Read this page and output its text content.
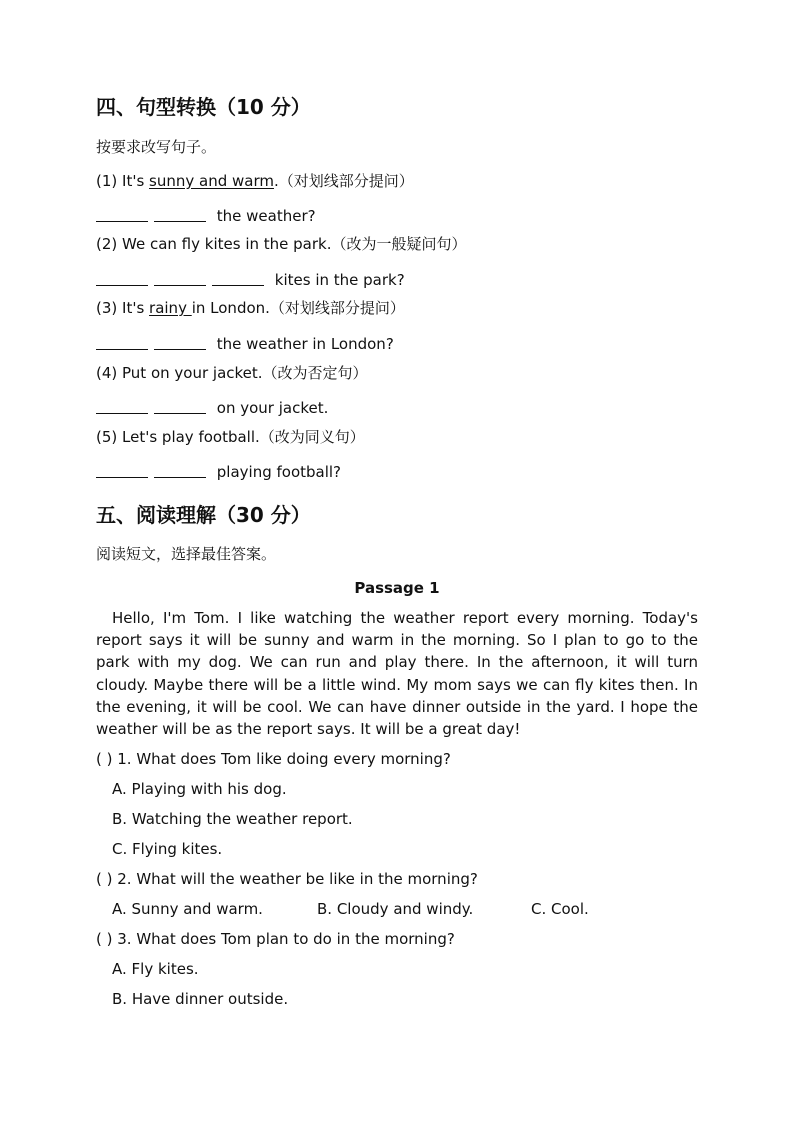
四、句型转换（10 分）
按要求改写句子。
(1) It's sunny and warm.（对划线部分提问）
the weather?
(2) We can fly kites in the park.（改为一般疑问句）
kites in the park?
(3) It's rainy in London.（对划线部分提问）
the weather in London?
(4) Put on your jacket.（改为否定句）
on your jacket.
(5) Let's play football.（改为同义句）
playing football?
五、阅读理解（30 分）
阅读短文，选择最佳答案。
Passage 1
Hello, I'm Tom. I like watching the weather report every morning. Today's report says it will be sunny and warm in the morning. So I plan to go to the park with my dog. We can run and play there. In the afternoon, it will turn cloudy. Maybe there will be a little wind. My mom says we can fly kites then. In the evening, it will be cool. We can have dinner outside in the yard. I hope the weather will be as the report says. It will be a great day!
( ) 1. What does Tom like doing every morning?
A. Playing with his dog.
B. Watching the weather report.
C. Flying kites.
( ) 2. What will the weather be like in the morning?
A. Sunny and warm.	B. Cloudy and windy.	C. Cool.
( ) 3. What does Tom plan to do in the morning?
A. Fly kites.
B. Have dinner outside.
